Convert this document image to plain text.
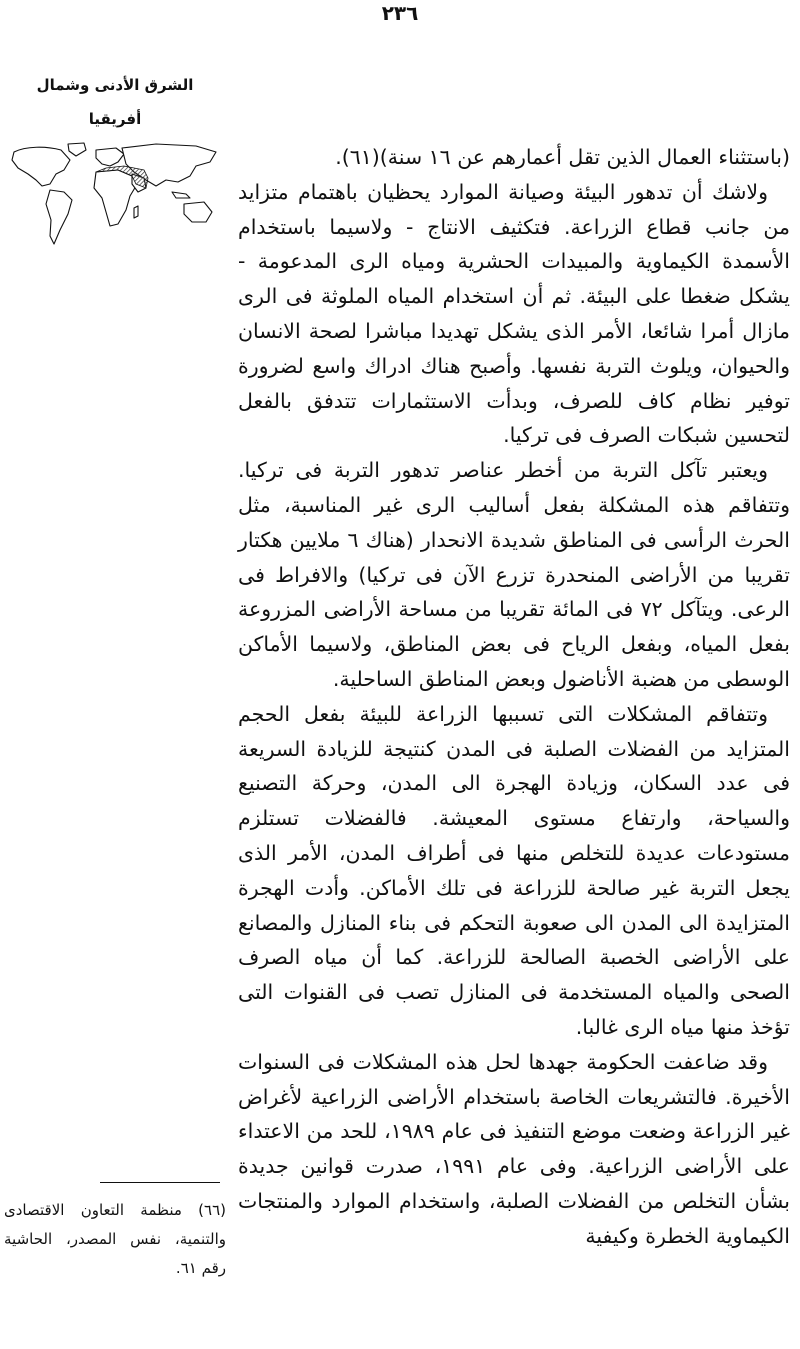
٢٣٦
الشرق الأدنى وشمال
أفريقيا

(باستثناء العمال الذين تقل أعمارهم عن ١٦ سنة)(٦١).

ولاشك أن تدهور البيئة وصيانة الموارد يحظيان باهتمام متزايد من جانب قطاع الزراعة. فتكثيف الانتاج - ولاسيما باستخدام الأسمدة الكيماوية والمبيدات الحشرية ومياه الرى المدعومة - يشكل ضغطا على البيئة. ثم أن استخدام المياه الملوثة فى الرى مازال أمرا شائعا، الأمر الذى يشكل تهديدا مباشرا لصحة الانسان والحيوان، ويلوث التربة نفسها. وأصبح هناك ادراك واسع لضرورة توفير نظام كاف للصرف، وبدأت الاستثمارات تتدفق بالفعل لتحسين شبكات الصرف فى تركيا.

ويعتبر تآكل التربة من أخطر عناصر تدهور التربة فى تركيا. وتتفاقم هذه المشكلة بفعل أساليب الرى غير المناسبة، مثل الحرث الرأسى فى المناطق شديدة الانحدار (هناك ٦ ملايين هكتار تقريبا من الأراضى المنحدرة تزرع الآن فى تركيا) والافراط فى الرعى. ويتآكل ٧٢ فى المائة تقريبا من مساحة الأراضى المزروعة بفعل المياه، وبفعل الرياح فى بعض المناطق، ولاسيما الأماكن الوسطى من هضبة الأناضول وبعض المناطق الساحلية.

وتتفاقم المشكلات التى تسببها الزراعة للبيئة بفعل الحجم المتزايد من الفضلات الصلبة فى المدن كنتيجة للزيادة السريعة فى عدد السكان، وزيادة الهجرة الى المدن، وحركة التصنيع والسياحة، وارتفاع مستوى المعيشة. فالفضلات تستلزم مستودعات عديدة للتخلص منها فى أطراف المدن، الأمر الذى يجعل التربة غير صالحة للزراعة فى تلك الأماكن. وأدت الهجرة المتزايدة الى المدن الى صعوبة التحكم فى بناء المنازل والمصانع على الأراضى الخصبة الصالحة للزراعة. كما أن مياه الصرف الصحى والمياه المستخدمة فى المنازل تصب فى القنوات التى تؤخذ منها مياه الرى غالبا.

وقد ضاعفت الحكومة جهدها لحل هذه المشكلات فى السنوات الأخيرة. فالتشريعات الخاصة باستخدام الأراضى الزراعية لأغراض غير الزراعة وضعت موضع التنفيذ فى عام ١٩٨٩، للحد من الاعتداء على الأراضى الزراعية. وفى عام ١٩٩١، صدرت قوانين جديدة بشأن التخلص من الفضلات الصلبة، واستخدام الموارد والمنتجات الكيماوية الخطرة وكيفية

(٦٦) منظمة التعاون الاقتصادى والتنمية، نفس المصدر، الحاشية رقم ٦١.
